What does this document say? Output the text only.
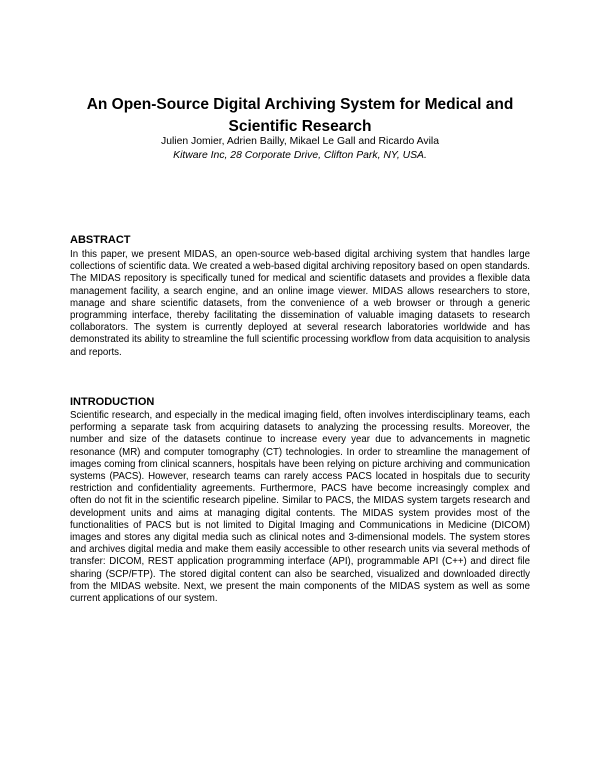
An Open-Source Digital Archiving System for Medical and Scientific Research
Julien Jomier, Adrien Bailly, Mikael Le Gall and Ricardo Avila
Kitware Inc, 28 Corporate Drive, Clifton Park, NY, USA.
ABSTRACT

In this paper, we present MIDAS, an open-source web-based digital archiving system that handles large collections of scientific data. We created a web-based digital archiving repository based on open standards. The MIDAS repository is specifically tuned for medical and scientific datasets and provides a flexible data management facility, a search engine, and an online image viewer. MIDAS allows researchers to store, manage and share scientific datasets, from the convenience of a web browser or through a generic programming interface, thereby facilitating the dissemination of valuable imaging datasets to research collaborators. The system is currently deployed at several research laboratories worldwide and has demonstrated its ability to streamline the full scientific processing workflow from data acquisition to analysis and reports.

INTRODUCTION

Scientific research, and especially in the medical imaging field, often involves interdisciplinary teams, each performing a separate task from acquiring datasets to analyzing the processing results. Moreover, the number and size of the datasets continue to increase every year due to advancements in magnetic resonance (MR) and computer tomography (CT) technologies. In order to streamline the management of images coming from clinical scanners, hospitals have been relying on picture archiving and communication systems (PACS). However, research teams can rarely access PACS located in hospitals due to security restriction and confidentiality agreements. Furthermore, PACS have become increasingly complex and often do not fit in the scientific research pipeline. Similar to PACS, the MIDAS system targets research and development units and aims at managing digital contents. The MIDAS system provides most of the functionalities of PACS but is not limited to Digital Imaging and Communications in Medicine (DICOM) images and stores any digital media such as clinical notes and 3-dimensional models. The system stores and archives digital media and make them easily accessible to other research units via several methods of transfer: DICOM, REST application programming interface (API), programmable API (C++) and direct file sharing (SCP/FTP). The stored digital content can also be searched, visualized and downloaded directly from the MIDAS website. Next, we present the main components of the MIDAS system as well as some current applications of our system.
